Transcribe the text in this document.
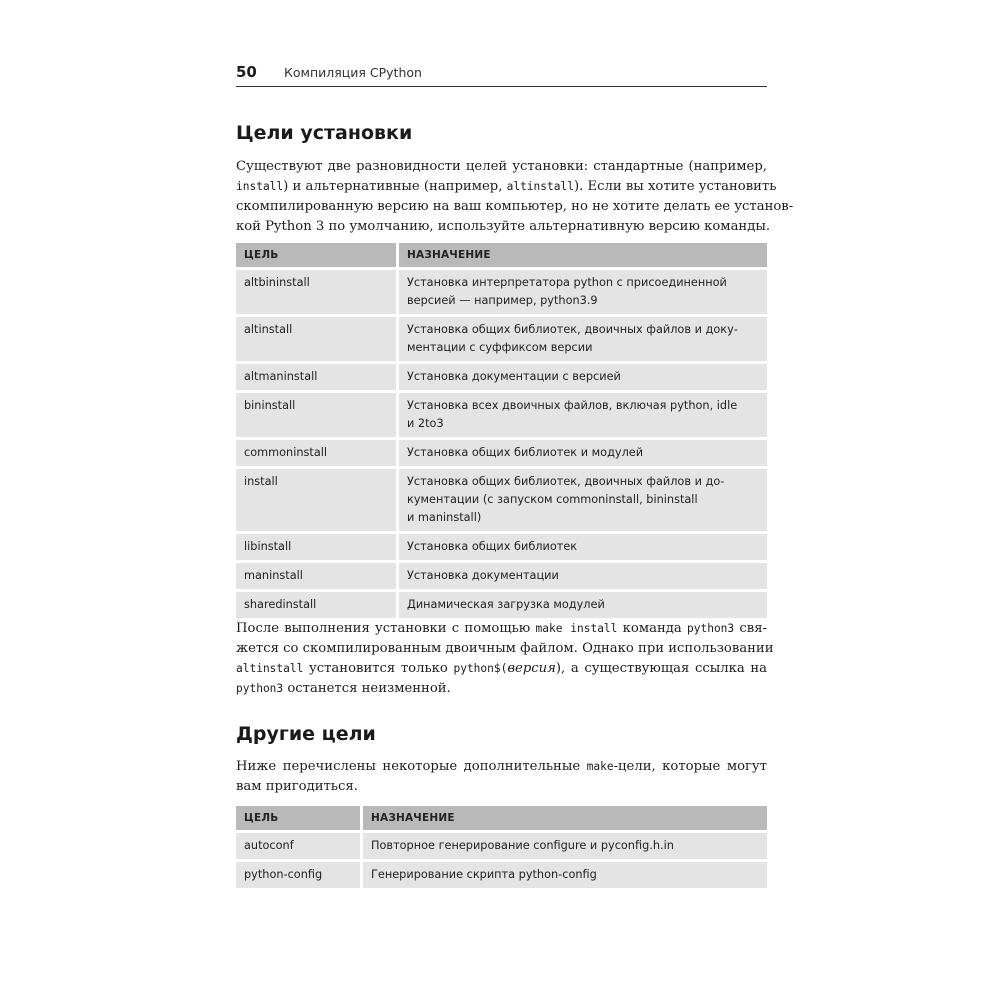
50 Компиляция CPython
Цели установки

Существуют две разновидности целей установки: стандартные (например,
install) и альтернативные (например, altinstall). Если вы хотите установить
скомпилированную версию на ваш компьютер, но не хотите делать ее установ-
кой Python 3 по умолчанию, используйте альтернативную версию команды.

ЦЕЛЬ	НАЗНАЧЕНИЕ
altbininstall	Установка интерпретатора python с присоединенной
версией — например, python3.9

altinstall	Установка общих библиотек, двоичных файлов и доку-
ментации с суффиксом версии

altmaninstall	Установка документации с версией

bininstall	Установка всех двоичных файлов, включая python, idle
и 2to3

commoninstall	Установка общих библиотек и модулей

install	Установка общих библиотек, двоичных файлов и до-
кументации (с запуском commoninstall, bininstall
и maninstall)

libinstall	Установка общих библиотек

maninstall	Установка документации

sharedinstall	Динамическая загрузка модулей

После выполнения установки с помощью make install команда python3 свя-
жется со скомпилированным двоичным файлом. Однако при использовании
altinstall установится только python$(версия), а существующая ссылка на
python3 останется неизменной.

Другие цели

Ниже перечислены некоторые дополнительные make-цели, которые могут
вам пригодиться.

ЦЕЛЬ	НАЗНАЧЕНИЕ
autoconf	Повторное генерирование configure и pyconfig.h.in

python-config	Генерирование скрипта python-config
